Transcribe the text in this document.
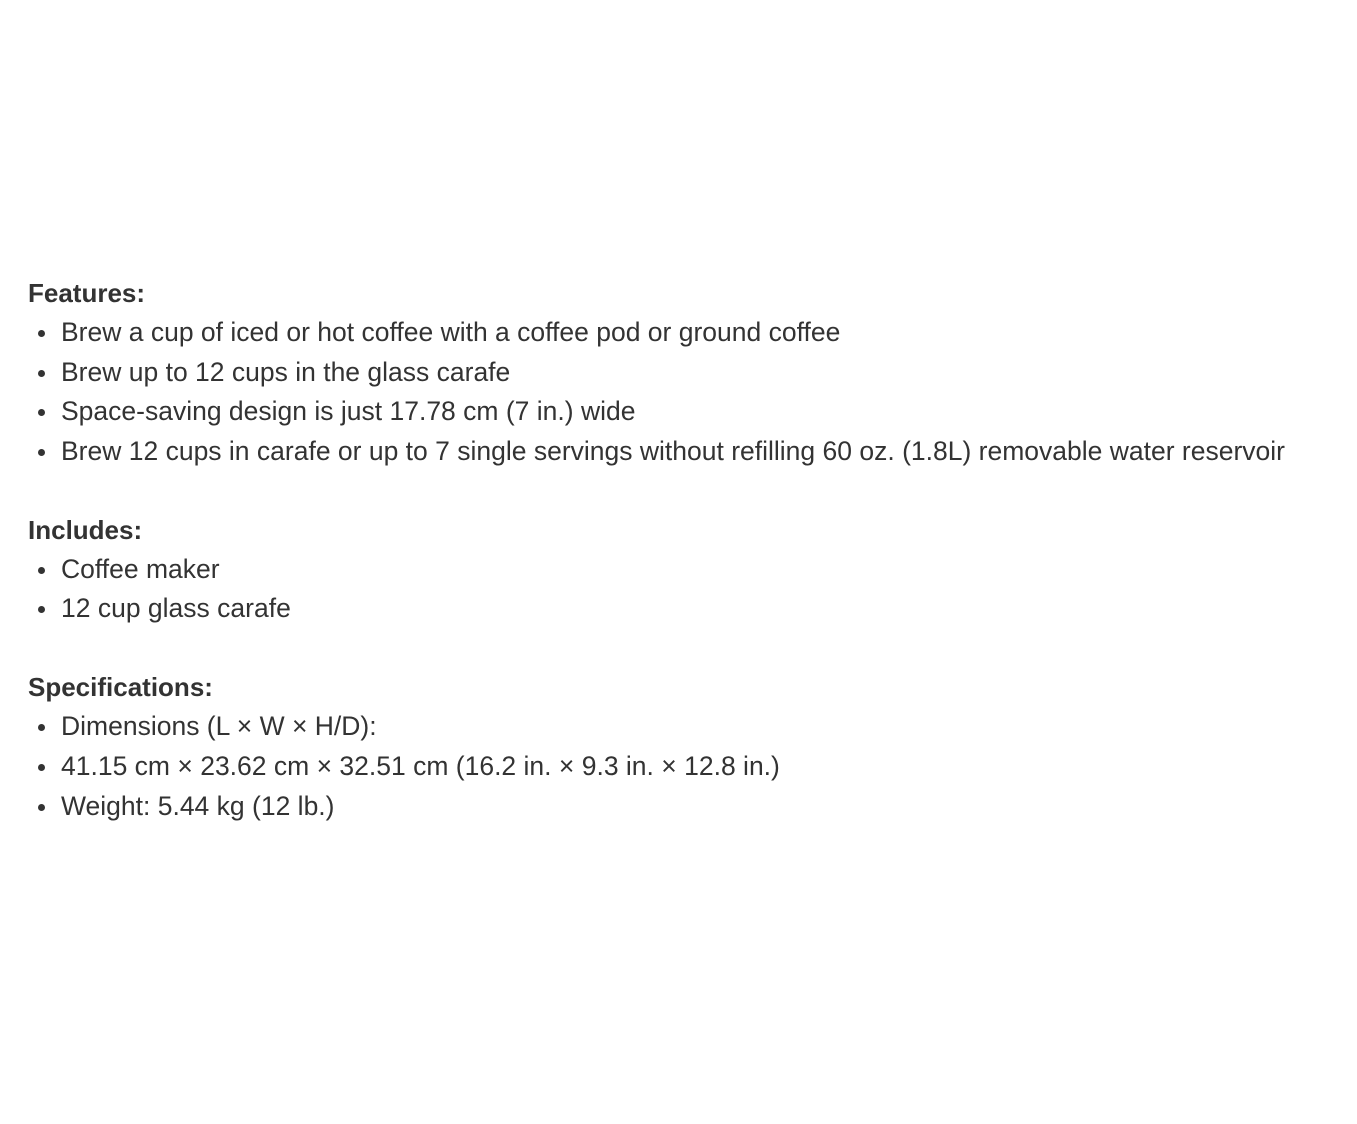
Features:
Brew a cup of iced or hot coffee with a coffee pod or ground coffee
Brew up to 12 cups in the glass carafe
Space-saving design is just 17.78 cm (7 in.) wide
Brew 12 cups in carafe or up to 7 single servings without refilling 60 oz. (1.8L) removable water reservoir
Includes:
Coffee maker
12 cup glass carafe
Specifications:
Dimensions (L × W × H/D):
41.15 cm × 23.62 cm × 32.51 cm (16.2 in. × 9.3 in. × 12.8 in.)
Weight: 5.44 kg (12 lb.)
